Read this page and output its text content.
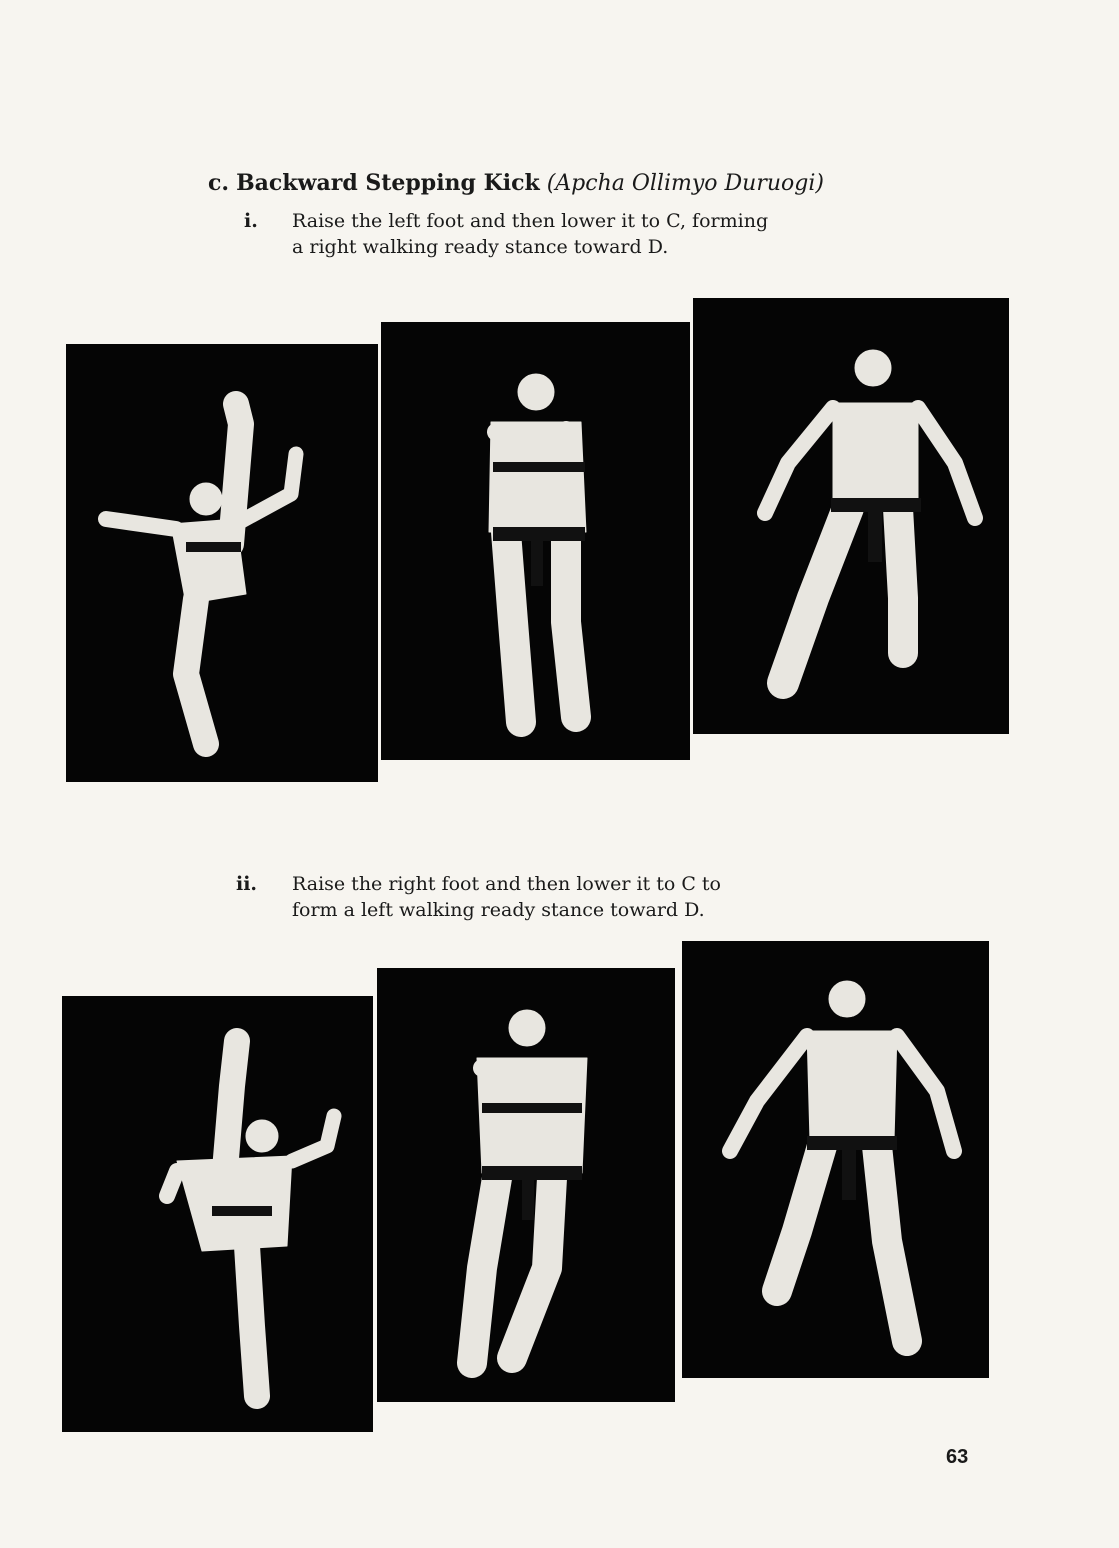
c. Backward Stepping Kick (Apcha Ollimyo Duruogi)
i. Raise the left foot and then lower it to C, forming
a right walking ready stance toward D.
ii. Raise the right foot and then lower it to C to
form a left walking ready stance toward D.
63
